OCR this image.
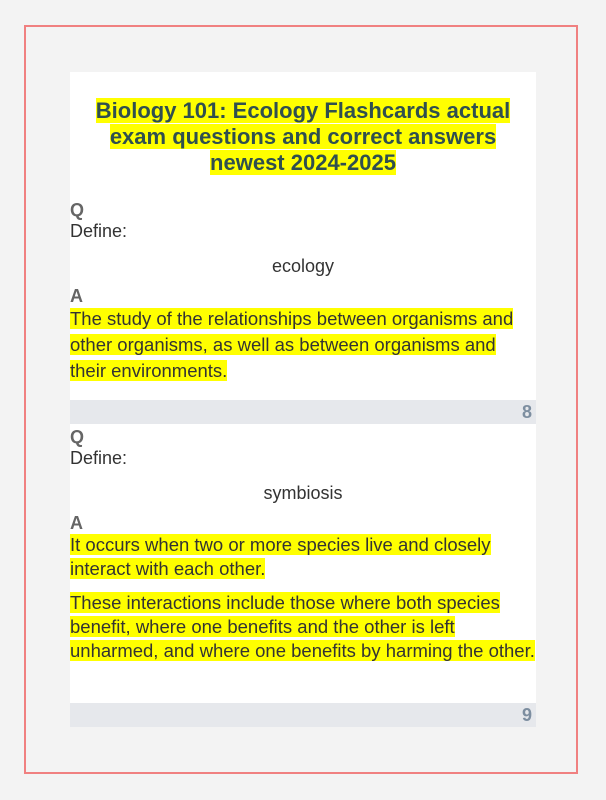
Biology 101: Ecology Flashcards actual exam questions and correct answers newest 2024-2025
Q
Define:
ecology
A

The study of the relationships between organisms and other organisms, as well as between organisms and their environments.

8
Q
Define:
symbiosis
A

It occurs when two or more species live and closely interact with each other.

These interactions include those where both species benefit, where one benefits and the other is left unharmed, and where one benefits by harming the other.

9
